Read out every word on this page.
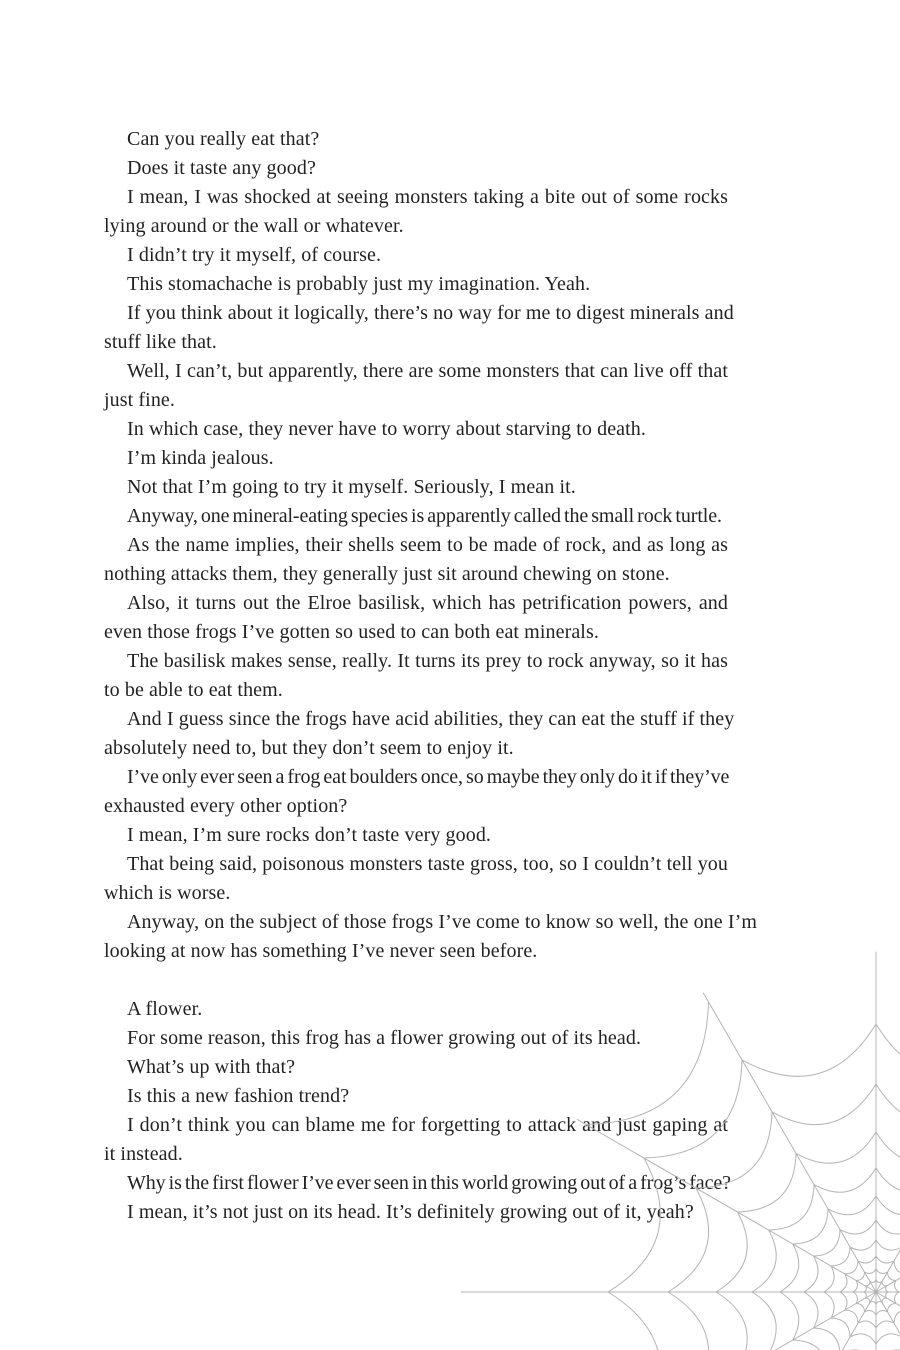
Can you really eat that?
Does it taste any good?
I mean, I was shocked at seeing monsters taking a bite out of some rocks
lying around or the wall or whatever.
I didn’t try it myself, of course.
This stomachache is probably just my imagination. Yeah.
If you think about it logically, there’s no way for me to digest minerals and
stuff like that.
Well, I can’t, but apparently, there are some monsters that can live off that
just fine.
In which case, they never have to worry about starving to death.
I’m kinda jealous.
Not that I’m going to try it myself. Seriously, I mean it.
Anyway, one mineral-eating species is apparently called the small rock turtle.
As the name implies, their shells seem to be made of rock, and as long as
nothing attacks them, they generally just sit around chewing on stone.
Also, it turns out the Elroe basilisk, which has petrification powers, and
even those frogs I’ve gotten so used to can both eat minerals.
The basilisk makes sense, really. It turns its prey to rock anyway, so it has
to be able to eat them.
And I guess since the frogs have acid abilities, they can eat the stuff if they
absolutely need to, but they don’t seem to enjoy it.
I’ve only ever seen a frog eat boulders once, so maybe they only do it if they’ve
exhausted every other option?
I mean, I’m sure rocks don’t taste very good.
That being said, poisonous monsters taste gross, too, so I couldn’t tell you
which is worse.
Anyway, on the subject of those frogs I’ve come to know so well, the one I’m
looking at now has something I’ve never seen before.
A flower.
For some reason, this frog has a flower growing out of its head.
What’s up with that?
Is this a new fashion trend?
I don’t think you can blame me for forgetting to attack and just gaping at
it instead.
Why is the first flower I’ve ever seen in this world growing out of a frog’s face?
I mean, it’s not just on its head. It’s definitely growing out of it, yeah?
